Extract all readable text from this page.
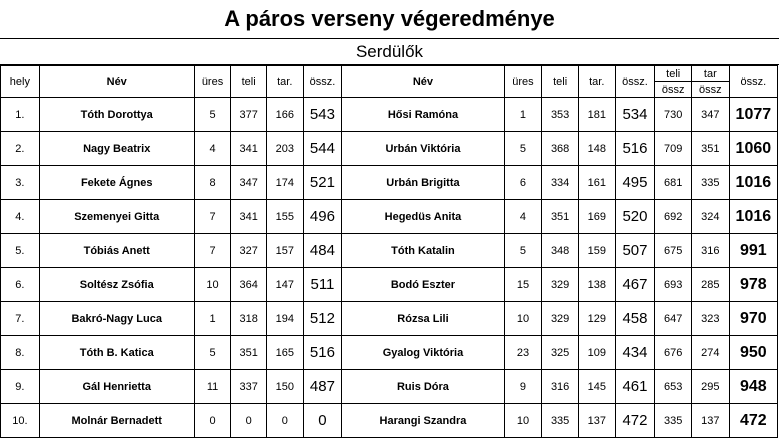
A páros verseny végeredménye
Serdülők
hely	Név	üres	teli	tar.	össz.	Név	üres	teli	tar.	össz.	teli	tar	össz.
											össz	össz	
1.	Tóth Dorottya	5	377	166	543	Hősi Ramóna	1	353	181	534	730	347	1077
2.	Nagy Beatrix	4	341	203	544	Urbán Viktória	5	368	148	516	709	351	1060
3.	Fekete Ágnes	8	347	174	521	Urbán Brigitta	6	334	161	495	681	335	1016
4.	Szemenyei Gitta	7	341	155	496	Hegedüs Anita	4	351	169	520	692	324	1016
5.	Tóbiás Anett	7	327	157	484	Tóth Katalin	5	348	159	507	675	316	991
6.	Soltész Zsófia	10	364	147	511	Bodó Eszter	15	329	138	467	693	285	978
7.	Bakró-Nagy Luca	1	318	194	512	Rózsa Lili	10	329	129	458	647	323	970
8.	Tóth B. Katica	5	351	165	516	Gyalog Viktória	23	325	109	434	676	274	950
9.	Gál Henrietta	11	337	150	487	Ruis Dóra	9	316	145	461	653	295	948
10.	Molnár Bernadett	0	0	0	0	Harangi Szandra	10	335	137	472	335	137	472
